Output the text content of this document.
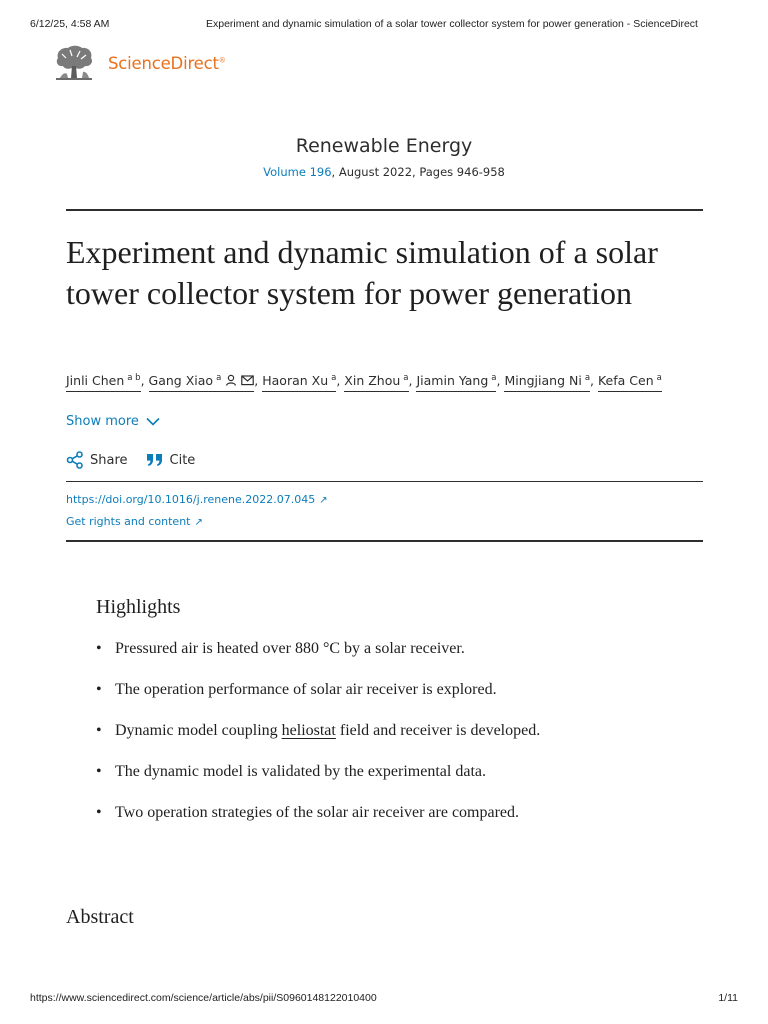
6/12/25, 4:58 AM	Experiment and dynamic simulation of a solar tower collector system for power generation - ScienceDirect
ScienceDirect®
Renewable Energy
Volume 196, August 2022, Pages 946-958
Experiment and dynamic simulation of a solar tower collector system for power generation
Jinli Chen $^{a b}$, Gang Xiao $^a$	, Haoran Xu $^a$, Xin Zhou $^a$, Jiamin Yang $^a$, Mingjiang Ni $^a$, Kefa Cen $^a$
Show more
Share	Cite
https://doi.org/10.1016/j.renene.2022.07.045 ↗
Get rights and content ↗
Highlights
• Pressured air is heated over 880 °C by a solar receiver.
• The operation performance of solar air receiver is explored.
• Dynamic model coupling heliostat field and receiver is developed.
• The dynamic model is validated by the experimental data.
• Two operation strategies of the solar air receiver are compared.
Abstract
https://www.sciencedirect.com/science/article/abs/pii/S0960148122010400	1/11
